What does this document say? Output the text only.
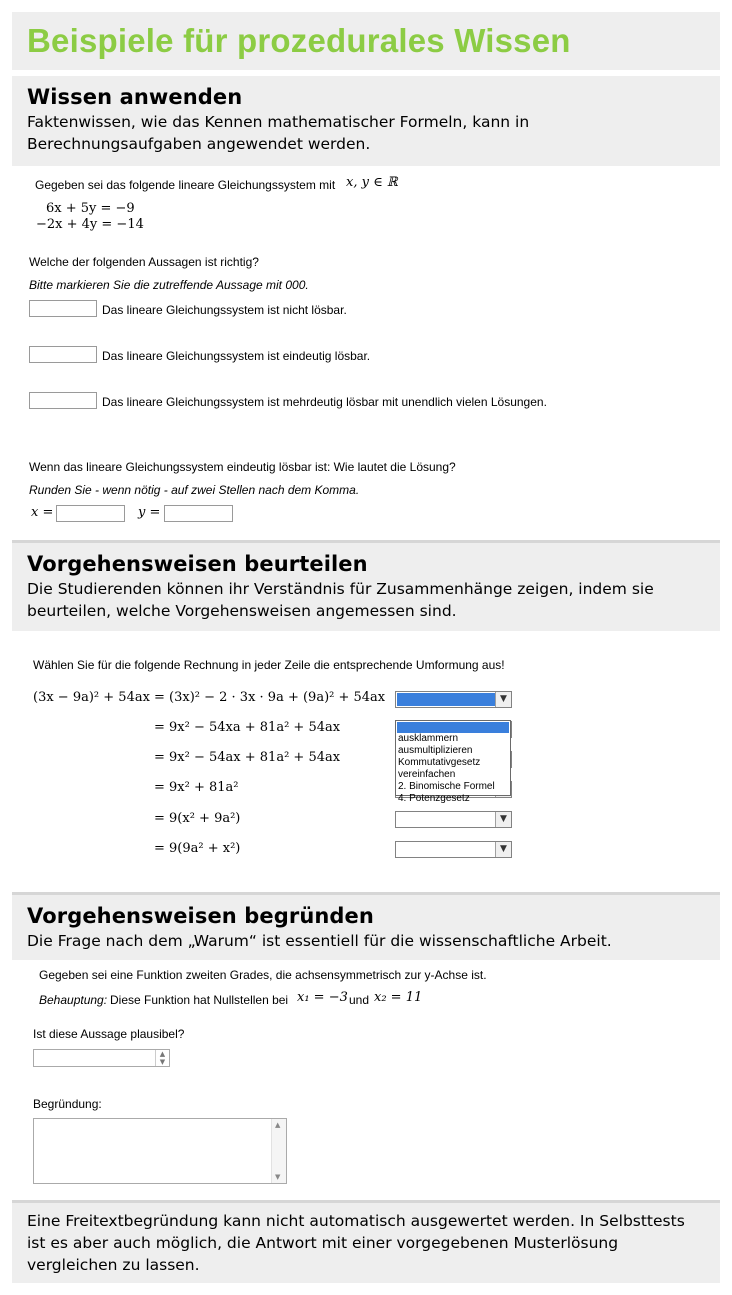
Beispiele für prozedurales Wissen
Wissen anwenden
Faktenwissen, wie das Kennen mathematischer Formeln, kann in Berechnungsaufgaben angewendet werden.
Gegeben sei das folgende lineare Gleichungssystem mit x, y ∈ ℝ
6x + 5y = −9
−2x + 4y = −14
Welche der folgenden Aussagen ist richtig?
Bitte markieren Sie die zutreffende Aussage mit 000.
Das lineare Gleichungssystem ist nicht lösbar.
Das lineare Gleichungssystem ist eindeutig lösbar.
Das lineare Gleichungssystem ist mehrdeutig lösbar mit unendlich vielen Lösungen.
Wenn das lineare Gleichungssystem eindeutig lösbar ist: Wie lautet die Lösung?
Runden Sie - wenn nötig - auf zwei Stellen nach dem Komma.
x =	y =
Vorgehensweisen beurteilen
Die Studierenden können ihr Verständnis für Zusammenhänge zeigen, indem sie beurteilen, welche Vorgehensweisen angemessen sind.
Wählen Sie für die folgende Rechnung in jeder Zeile die entsprechende Umformung aus!
(3x − 9a)² + 54ax = (3x)² − 2 · 3x · 9a + (9a)² + 54ax
= 9x² − 54xa + 81a² + 54ax
= 9x² − 54ax + 81a² + 54ax
= 9x² + 81a²
= 9(x² + 9a²)
= 9(9a² + x²)
▼
▼
▼
ausklammern
ausmultiplizieren
Kommutativgesetz
vereinfachen
2. Binomische Formel
4. Potenzgesetz
Vorgehensweisen begründen
Die Frage nach dem „Warum“ ist essentiell für die wissenschaftliche Arbeit.
Gegeben sei eine Funktion zweiten Grades, die achsensymmetrisch zur y-Achse ist.
Behauptung: Diese Funktion hat Nullstellen bei x₁ = −3 und x₂ = 11
Ist diese Aussage plausibel?
▲
▼
Begründung:
▲
▼
Eine Freitextbegründung kann nicht automatisch ausgewertet werden. In Selbsttests ist es aber auch möglich, die Antwort mit einer vorgegebenen Musterlösung vergleichen zu lassen.
